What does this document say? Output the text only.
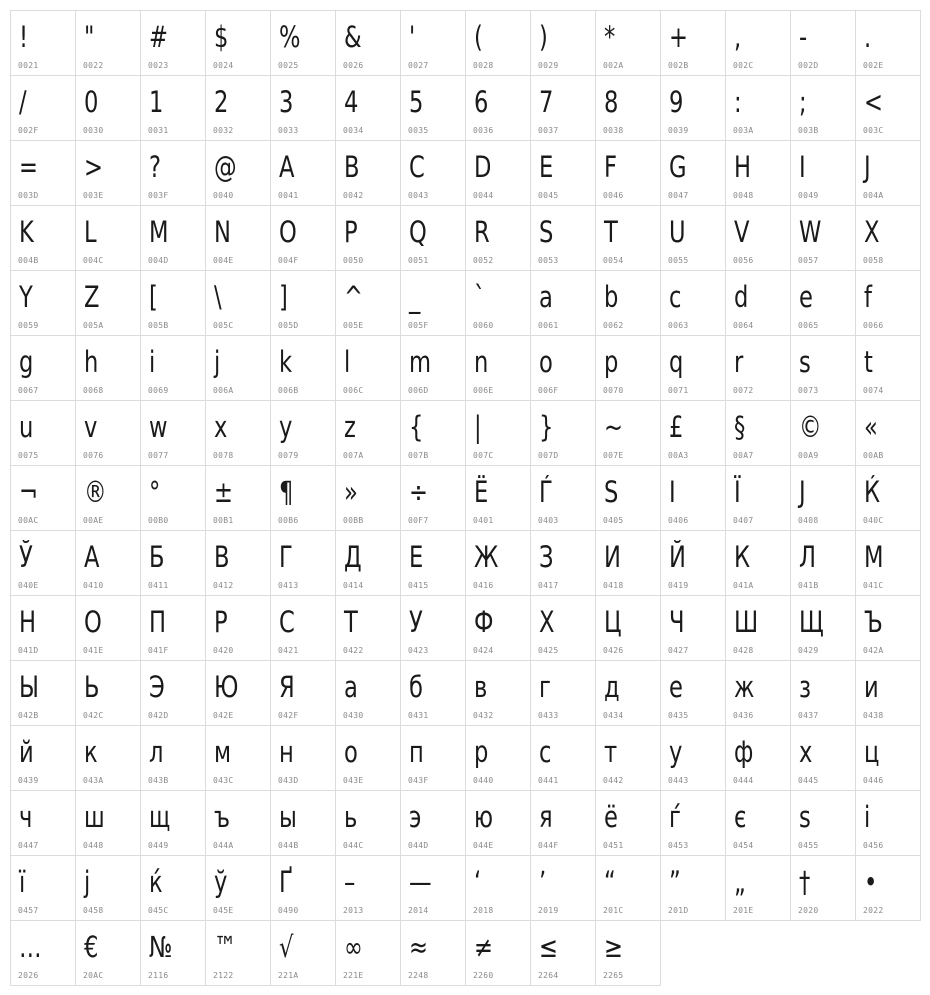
!
0021
"
0022
#
0023
$
0024
%
0025
&
0026
'
0027
(
0028
)
0029
*
002A
+
002B
,
002C
-
002D
.
002E
/
002F
0
0030
1
0031
2
0032
3
0033
4
0034
5
0035
6
0036
7
0037
8
0038
9
0039
:
003A
;
003B
<
003C
=
003D
>
003E
?
003F
@
0040
A
0041
B
0042
C
0043
D
0044
E
0045
F
0046
G
0047
H
0048
I
0049
J
004A
K
004B
L
004C
M
004D
N
004E
O
004F
P
0050
Q
0051
R
0052
S
0053
T
0054
U
0055
V
0056
W
0057
X
0058
Y
0059
Z
005A
[
005B
\
005C
]
005D
^
005E
_
005F
`
0060
a
0061
b
0062
c
0063
d
0064
e
0065
f
0066
g
0067
h
0068
i
0069
j
006A
k
006B
l
006C
m
006D
n
006E
o
006F
p
0070
q
0071
r
0072
s
0073
t
0074
u
0075
v
0076
w
0077
x
0078
y
0079
z
007A
{
007B
|
007C
}
007D
~
007E
£
00A3
§
00A7
©
00A9
«
00AB
¬
00AC
®
00AE
°
00B0
±
00B1
¶
00B6
»
00BB
÷
00F7
Ё
0401
Ѓ
0403
Ѕ
0405
І
0406
Ї
0407
Ј
0408
Ќ
040C
Ў
040E
А
0410
Б
0411
В
0412
Г
0413
Д
0414
Е
0415
Ж
0416
З
0417
И
0418
Й
0419
К
041A
Л
041B
М
041C
Н
041D
О
041E
П
041F
Р
0420
С
0421
Т
0422
У
0423
Ф
0424
Х
0425
Ц
0426
Ч
0427
Ш
0428
Щ
0429
Ъ
042A
Ы
042B
Ь
042C
Э
042D
Ю
042E
Я
042F
а
0430
б
0431
в
0432
г
0433
д
0434
е
0435
ж
0436
з
0437
и
0438
й
0439
к
043A
л
043B
м
043C
н
043D
о
043E
п
043F
р
0440
с
0441
т
0442
у
0443
ф
0444
х
0445
ц
0446
ч
0447
ш
0448
щ
0449
ъ
044A
ы
044B
ь
044C
э
044D
ю
044E
я
044F
ё
0451
ѓ
0453
є
0454
ѕ
0455
і
0456
ї
0457
ј
0458
ќ
045C
ў
045E
Ґ
0490
–
2013
—
2014
‘
2018
’
2019
“
201C
”
201D
„
201E
†
2020
•
2022
…
2026
€
20AC
№
2116
™
2122
√
221A
∞
221E
≈
2248
≠
2260
≤
2264
≥
2265
